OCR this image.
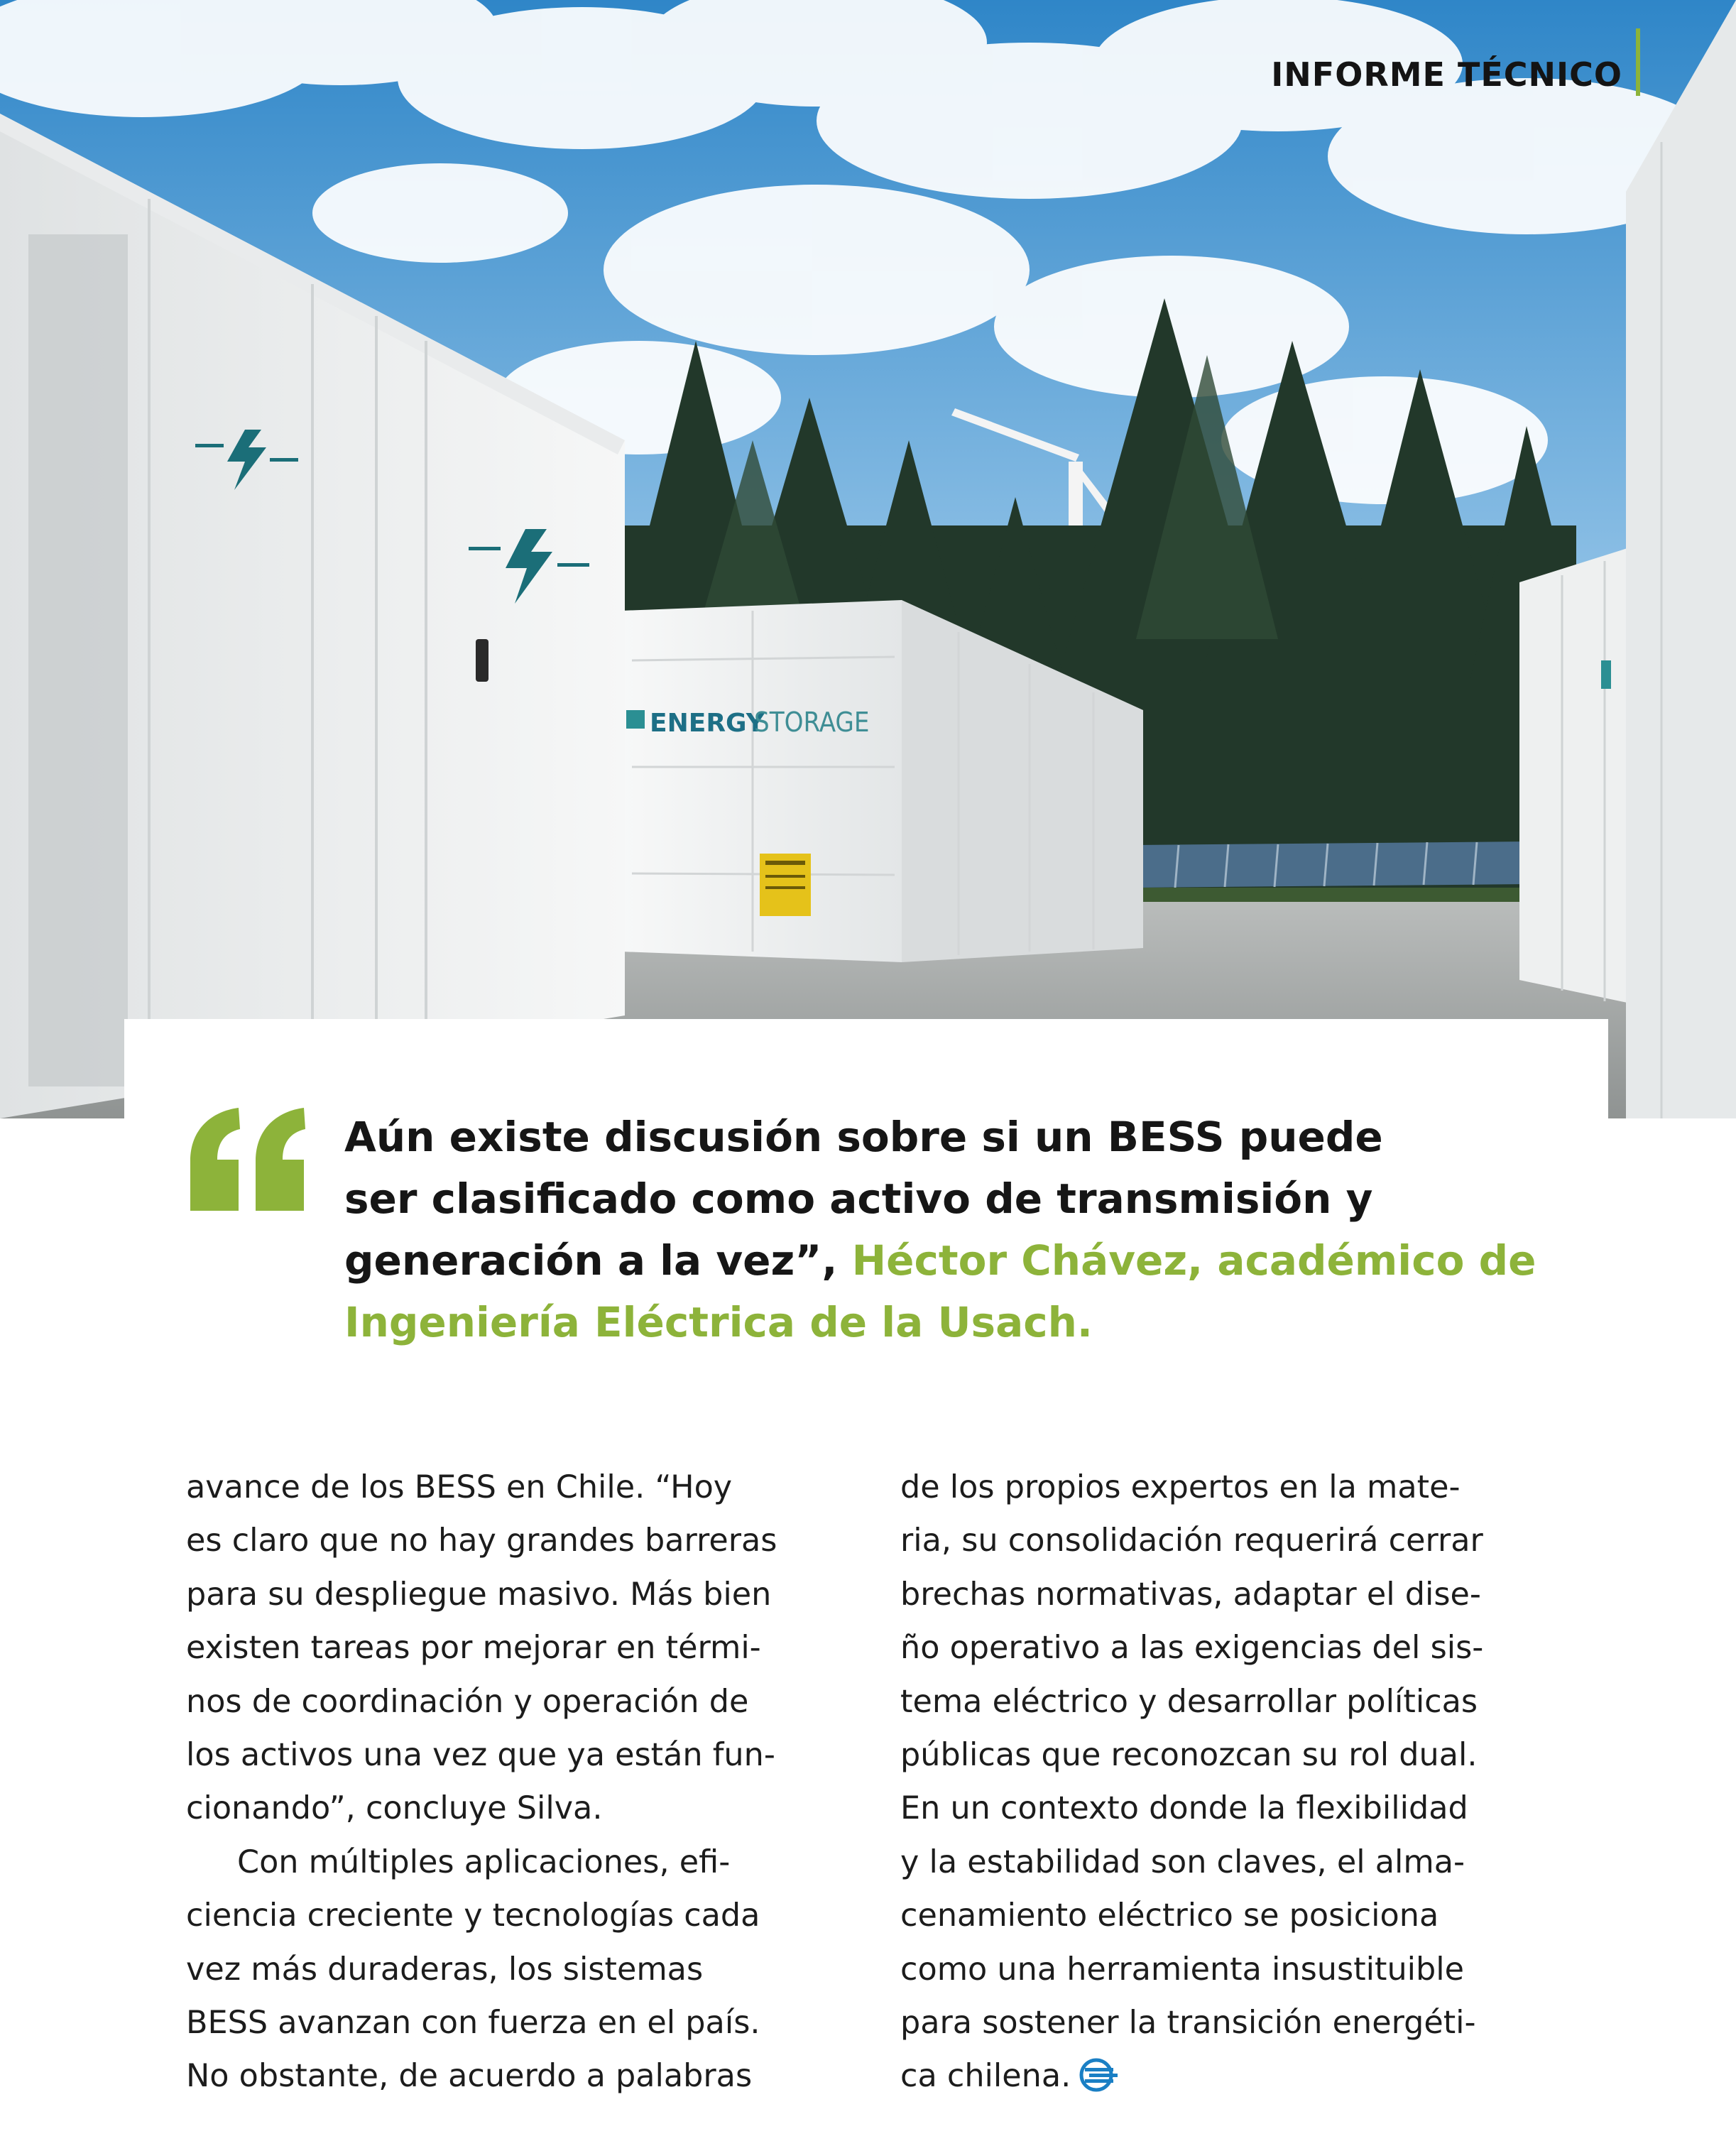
ENERGY
STORAGE
INFORME TÉCNICO

Aún existe discusión sobre si un BESS puede
ser clasificado como activo de transmisión y
generación a la vez”, Héctor Chávez, académico de
Ingeniería Eléctrica de la Usach.

avance de los BESS en Chile. “Hoy
es claro que no hay grandes barreras
para su despliegue masivo. Más bien
existen tareas por mejorar en térmi-
nos de coordinación y operación de
los activos una vez que ya están fun-
cionando”, concluye Silva.
Con múltiples aplicaciones, efi-
ciencia creciente y tecnologías cada
vez más duraderas, los sistemas
BESS avanzan con fuerza en el país.
No obstante, de acuerdo a palabras
de los propios expertos en la mate-
ria, su consolidación requerirá cerrar
brechas normativas, adaptar el dise-
ño operativo a las exigencias del sis-
tema eléctrico y desarrollar políticas
públicas que reconozcan su rol dual.
En un contexto donde la flexibilidad
y la estabilidad son claves, el alma-
cenamiento eléctrico se posiciona
como una herramienta insustituible
para sostener la transición energéti-
ca chilena.
